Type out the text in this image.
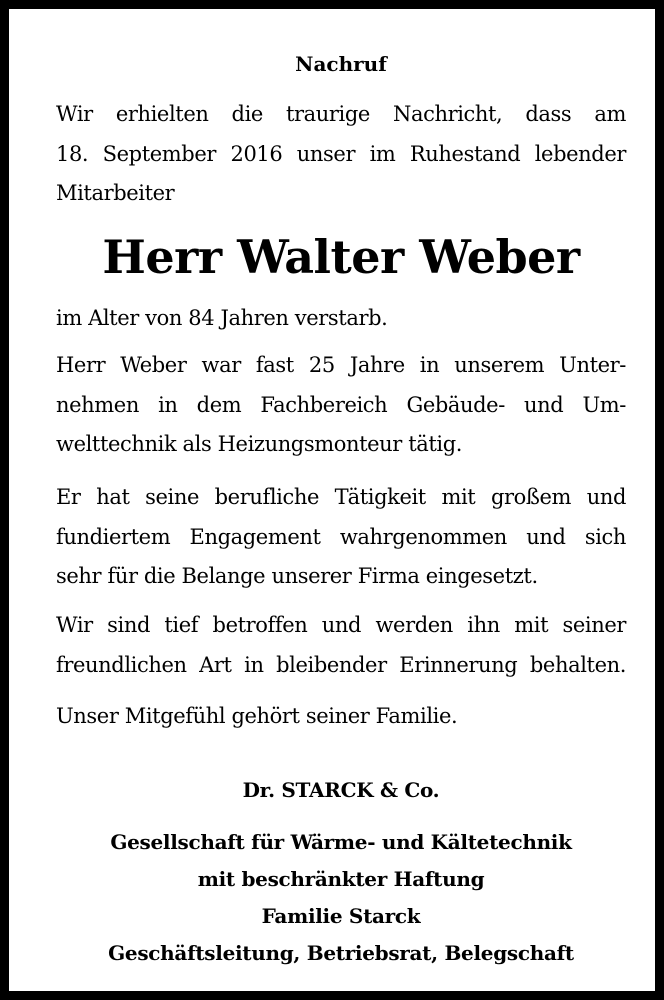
Nachruf

Wir erhielten die traurige Nachricht, dass am
18. September 2016 unser im Ruhestand lebender
Mitarbeiter

Herr Walter Weber

im Alter von 84 Jahren verstarb.

Herr Weber war fast 25 Jahre in unserem Unter-
nehmen in dem Fachbereich Gebäude- und Um-
welttechnik als Heizungsmonteur tätig.

Er hat seine berufliche Tätigkeit mit großem und
fundiertem Engagement wahrgenommen und sich
sehr für die Belange unserer Firma eingesetzt.

Wir sind tief betroffen und werden ihn mit seiner
freundlichen Art in bleibender Erinnerung behalten.

Unser Mitgefühl gehört seiner Familie.

Dr. STARCK & Co.

Gesellschaft für Wärme- und Kältetechnik
mit beschränkter Haftung
Familie Starck
Geschäftsleitung, Betriebsrat, Belegschaft
